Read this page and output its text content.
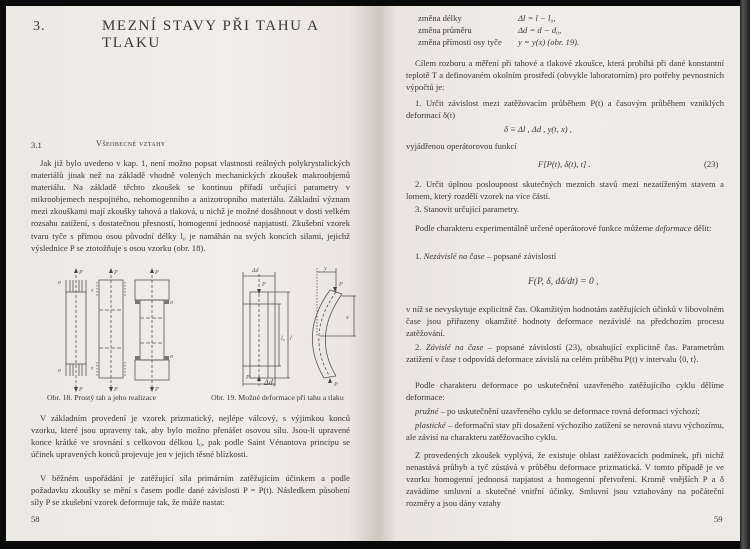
3.	MEZNÍ STAVY PŘI TAHU A TLAKU
3.1	Všeobecné vztahy
Jak již bylo uvedeno v kap. 1, není možno popsat vlastnosti reálných polykrystalických materiálů jinak než na základě vhodně volených mechanických zkoušek makroobjemů materiálu. Na základě těchto zkoušek se kontinuu přiřadí určující parametry v mikroobjemech nespojitého, nehomogenního a anizotropního materiálu. Základní význam mezi zkouškami mají zkoušky tahová a tlaková, u nichž je možné dosáhnout v dosti velkém rozsahu zatížení, s dostatečnou přesností, homogenní jednoosé napjatosti. Zkušební vzorek tvaru tyče s přímou osou původní délky l₀ je namáhán na svých koncích silami, jejichž výslednice P se ztotožňuje s osou vzorku (obr. 18).
P
P
P
P
P
P
σ
σ
σ
σ
τ
τ
Obr. 18. Prostý tah a jeho realizace
Δd
P
P
l₀ l
y
P
P
x
Δd₀
Obr. 19. Možné deformace při tahu a tlaku
V základním provedení je vzorek prizmatický, nejlépe válcový, s výjimkou konců vzorku, které jsou upraveny tak, aby bylo možno přenášet osovou sílu. Jsou-li upravené konce krátké ve srovnání s celkovou délkou l₀, pak podle Saint Vénantova principu se účinek upravených konců projevuje jen v jejich těsné blízkosti.
V běžném uspořádání je zatěžující síla primárním zatěžujícím účinkem a podle požadavku zkoušky se mění s časem podle dané závislosti P = P(t). Následkem působení síly P se zkušební vzorek deformuje tak, že může nastat:
58
změna délky	Δl = l − l₀,
změna průměru	Δd = d − d₀,
změna přímosti osy tyče	y = y(x) (obr. 19).
Cílem rozboru a měření při tahové a tlakové zkoušce, která probíhá při dané konstantní teplotě T a definovaném okolním prostředí (obvykle laboratorním) pro potřeby pevnostních výpočtů je:
1. Určit závislost mezi zatěžovacím průběhem P(t) a časovým průběhem vzniklých deformací δ(t)
δ ≡ Δl , Δd , y(t, x) ,
vyjádřenou operátorovou funkcí
F[P(t), δ(t), t] .	(23)
2. Určit úplnou posloupnost skutečných mezních stavů mezi nezatíženým stavem a lomem, který rozdělí vzorek na více částí.
3. Stanovit určující parametry.
Podle charakteru experimentálně určené operátorové funkce můžeme deformace dělit:
1. Nezávislé na čase – popsané závislostí
F(P, δ, dδ/dt) = 0 ,
v níž se nevyskytuje explicitně čas. Okamžitým hodnotám zatěžujících účinků v libovolném čase jsou přiřazeny okamžité hodnoty deformace nezávislé na předchozím procesu zatěžování.
2. Závislé na čase – popsané závislostí (23), obsahující explicitně čas. Parametrům zatížení v čase t odpovídá deformace závislá na celém průběhu P(t) v intervalu ⟨0, t⟩.
Podle charakteru deformace po uskutečnění uzavřeného zatěžujícího cyklu dělíme deformace:
pružné – po uskutečnění uzavřeného cyklu se deformace rovná deformaci výchozí;
plastické – deformační stav při dosažení výchozího zatížení se nerovná stavu výchozímu, ale závisí na charakteru zatěžovacího cyklu.
Z provedených zkoušek vyplývá, že existuje oblast zatěžovacích podmínek, při nichž nenastává průhyb a tyč zůstává v průběhu deformace prizmatická. V tomto případě je ve vzorku homogenní jednoosá napjatost a homogenní přetvoření. Kromě vnějších P a δ zavádíme smluvní a skutečné vnitřní účinky. Smluvní jsou vztahovány na počáteční rozměry a jsou dány vztahy
59
